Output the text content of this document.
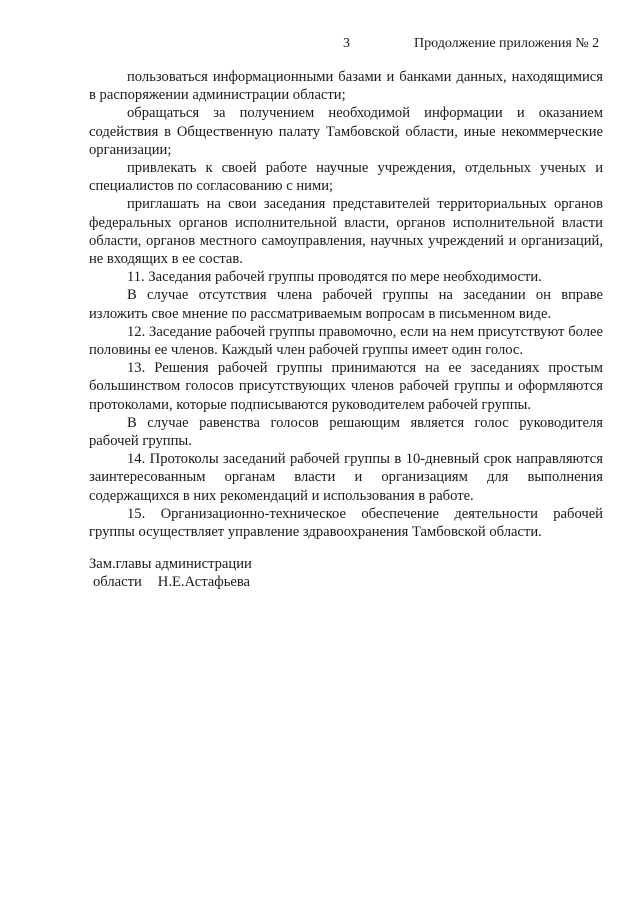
3	Продолжение приложения № 2

пользоваться информационными базами и банками данных, находящимися в распоряжении администрации области;

обращаться за получением необходимой информации и оказанием содействия в Общественную палату Тамбовской области, иные некоммерческие организации;

привлекать к своей работе научные учреждения, отдельных ученых и специалистов по согласованию с ними;

приглашать на свои заседания представителей территориальных органов федеральных органов исполнительной власти, органов исполнительной власти области, органов местного самоуправления, научных учреждений и организаций, не входящих в ее состав.

11. Заседания рабочей группы проводятся по мере необходимости.

В случае отсутствия члена рабочей группы на заседании он вправе изложить свое мнение по рассматриваемым вопросам в письменном виде.

12. Заседание рабочей группы правомочно, если на нем присутствуют более половины ее членов. Каждый член рабочей группы имеет один голос.

13. Решения рабочей группы принимаются на ее заседаниях простым большинством голосов присутствующих членов рабочей группы и оформляются протоколами, которые подписываются руководителем рабочей группы.

В случае равенства голосов решающим является голос руководителя рабочей группы.

14. Протоколы заседаний рабочей группы в 10-дневный срок направляются заинтересованным органам власти и организациям для выполнения содержащихся в них рекомендаций и использования в работе.

15. Организационно-техническое обеспечение деятельности рабочей группы осуществляет управление здравоохранения Тамбовской области.

Зам.главы администрации
области Н.Е.Астафьева
